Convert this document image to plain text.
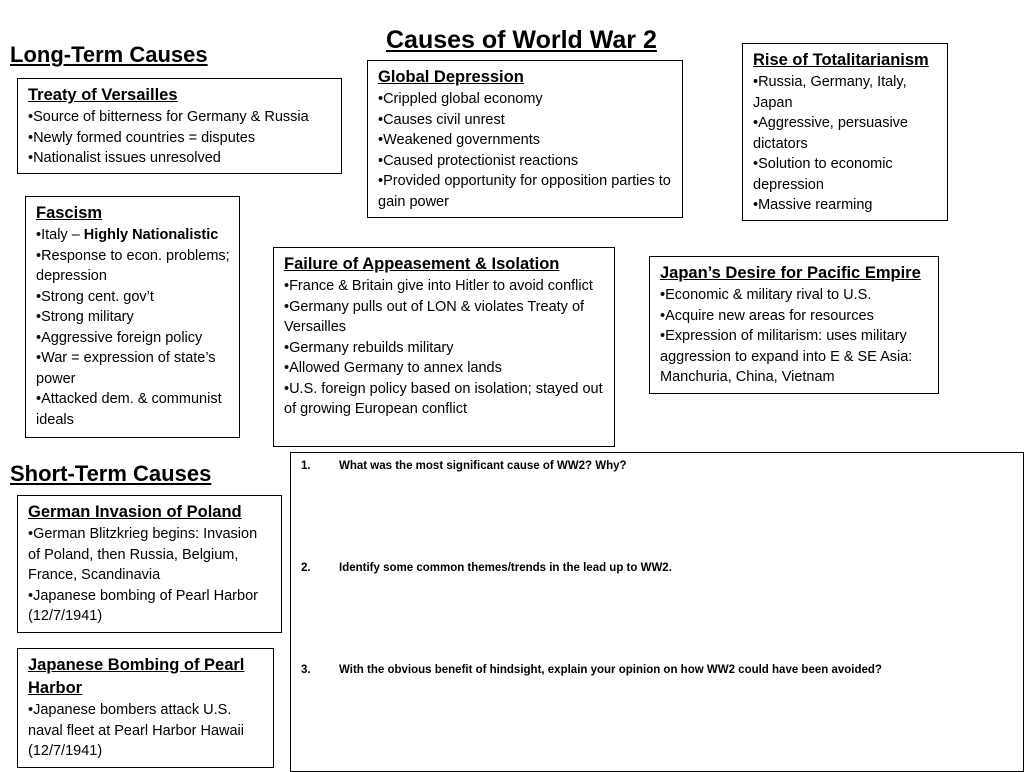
Causes of World War 2
Long-Term Causes
Short-Term Causes
Treaty of Versailles
• Source of bitterness for Germany & Russia
• Newly formed countries = disputes
• Nationalist issues unresolved
Global Depression
• Crippled global economy
• Causes civil unrest
• Weakened governments
• Caused protectionist reactions
• Provided opportunity for opposition parties to gain power
Rise of Totalitarianism
• Russia, Germany, Italy, Japan
• Aggressive, persuasive dictators
• Solution to economic depression
• Massive rearming
Fascism
• Italy – Highly Nationalistic
• Response to econ. problems; depression
• Strong cent. gov’t
• Strong military
• Aggressive foreign policy
• War = expression of state’s power
• Attacked dem. & communist ideals
Failure of Appeasement & Isolation
• France & Britain give into Hitler to avoid conflict
• Germany pulls out of LON & violates Treaty of Versailles
• Germany rebuilds military
• Allowed Germany to annex lands
• U.S. foreign policy based on isolation; stayed out of growing European conflict
Japan’s Desire for Pacific Empire
• Economic & military rival to U.S.
• Acquire new areas for resources
• Expression of militarism: uses military aggression to expand into E & SE Asia: Manchuria, China, Vietnam
German Invasion of Poland
• German Blitzkrieg begins: Invasion of Poland, then Russia, Belgium, France, Scandinavia
• Japanese bombing of Pearl Harbor (12/7/1941)
Japanese Bombing of Pearl Harbor
• Japanese bombers attack U.S. naval fleet at Pearl Harbor Hawaii (12/7/1941)
1. What was the most significant cause of WW2? Why?
2. Identify some common themes/trends in the lead up to WW2.
3. With the obvious benefit of hindsight, explain your opinion on how WW2 could have been avoided?
